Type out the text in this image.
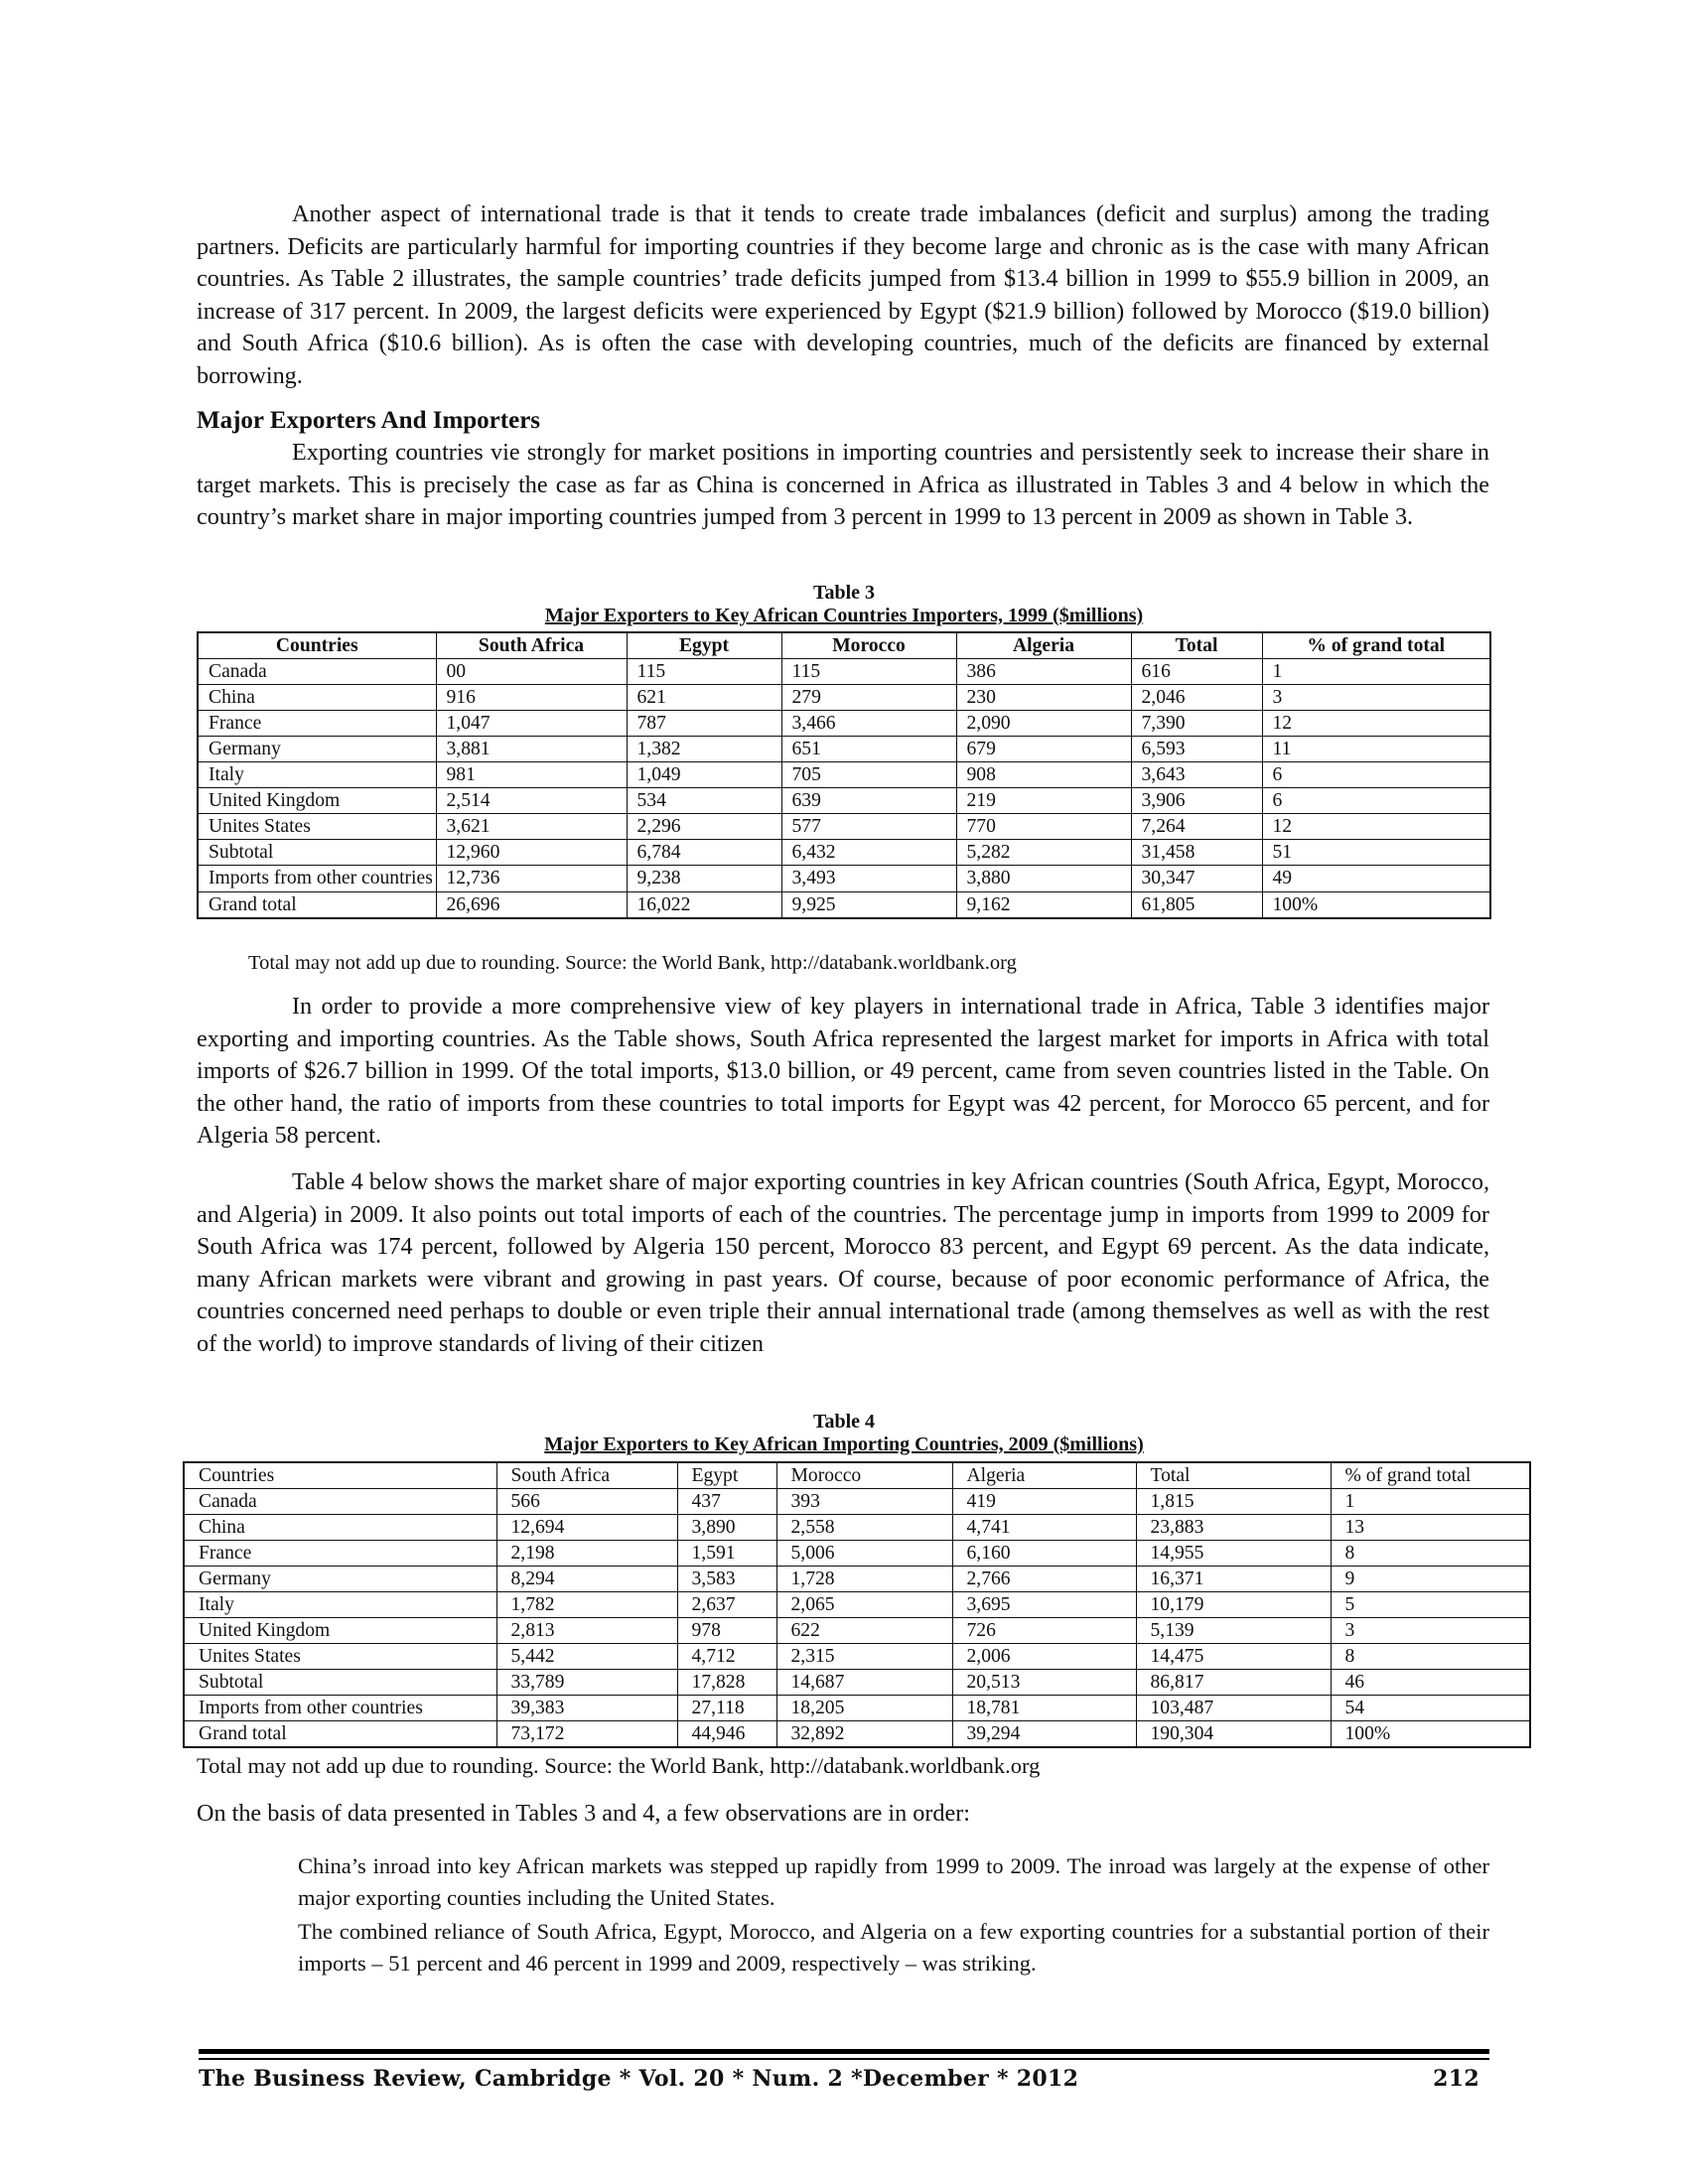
Another aspect of international trade is that it tends to create trade imbalances (deficit and surplus) among the trading partners. Deficits are particularly harmful for importing countries if they become large and chronic as is the case with many African countries. As Table 2 illustrates, the sample countries’ trade deficits jumped from $13.4 billion in 1999 to $55.9 billion in 2009, an increase of 317 percent. In 2009, the largest deficits were experienced by Egypt ($21.9 billion) followed by Morocco ($19.0 billion) and South Africa ($10.6 billion). As is often the case with developing countries, much of the deficits are financed by external borrowing.

Major Exporters And Importers

Exporting countries vie strongly for market positions in importing countries and persistently seek to increase their share in target markets. This is precisely the case as far as China is concerned in Africa as illustrated in Tables 3 and 4 below in which the country’s market share in major importing countries jumped from 3 percent in 1999 to 13 percent in 2009 as shown in Table 3.

Table 3
Major Exporters to Key African Countries Importers, 1999 ($millions)
Countries	South Africa	Egypt	Morocco	Algeria	Total	% of grand total
Canada	00	115	115	386	616	1
China	916	621	279	230	2,046	3
France	1,047	787	3,466	2,090	7,390	12
Germany	3,881	1,382	651	679	6,593	11
Italy	981	1,049	705	908	3,643	6
United Kingdom	2,514	534	639	219	3,906	6
Unites States	3,621	2,296	577	770	7,264	12
Subtotal	12,960	6,784	6,432	5,282	31,458	51
Imports from other countries	12,736	9,238	3,493	3,880	30,347	49
Grand total	26,696	16,022	9,925	9,162	61,805	100%

Total may not add up due to rounding. Source: the World Bank, http://databank.worldbank.org

In order to provide a more comprehensive view of key players in international trade in Africa, Table 3 identifies major exporting and importing countries. As the Table shows, South Africa represented the largest market for imports in Africa with total imports of $26.7 billion in 1999. Of the total imports, $13.0 billion, or 49 percent, came from seven countries listed in the Table. On the other hand, the ratio of imports from these countries to total imports for Egypt was 42 percent, for Morocco 65 percent, and for Algeria 58 percent.

Table 4 below shows the market share of major exporting countries in key African countries (South Africa, Egypt, Morocco, and Algeria) in 2009. It also points out total imports of each of the countries. The percentage jump in imports from 1999 to 2009 for South Africa was 174 percent, followed by Algeria 150 percent, Morocco 83 percent, and Egypt 69 percent. As the data indicate, many African markets were vibrant and growing in past years. Of course, because of poor economic performance of Africa, the countries concerned need perhaps to double or even triple their annual international trade (among themselves as well as with the rest of the world) to improve standards of living of their citizen

Table 4
Major Exporters to Key African Importing Countries, 2009 ($millions)
Countries	South Africa	Egypt	Morocco	Algeria	Total	% of grand total
Canada	566	437	393	419	1,815	1
China	12,694	3,890	2,558	4,741	23,883	13
France	2,198	1,591	5,006	6,160	14,955	8
Germany	8,294	3,583	1,728	2,766	16,371	9
Italy	1,782	2,637	2,065	3,695	10,179	5
United Kingdom	2,813	978	622	726	5,139	3
Unites States	5,442	4,712	2,315	2,006	14,475	8
Subtotal	33,789	17,828	14,687	20,513	86,817	46
Imports from other countries	39,383	27,118	18,205	18,781	103,487	54
Grand total	73,172	44,946	32,892	39,294	190,304	100%

Total may not add up due to rounding. Source: the World Bank, http://databank.worldbank.org

On the basis of data presented in Tables 3 and 4, a few observations are in order:

China’s inroad into key African markets was stepped up rapidly from 1999 to 2009. The inroad was largely at the expense of other major exporting counties including the United States.
The combined reliance of South Africa, Egypt, Morocco, and Algeria on a few exporting countries for a substantial portion of their imports – 51 percent and 46 percent in 1999 and 2009, respectively – was striking.
The Business Review, Cambridge * Vol. 20 * Num. 2 *December * 2012	212
